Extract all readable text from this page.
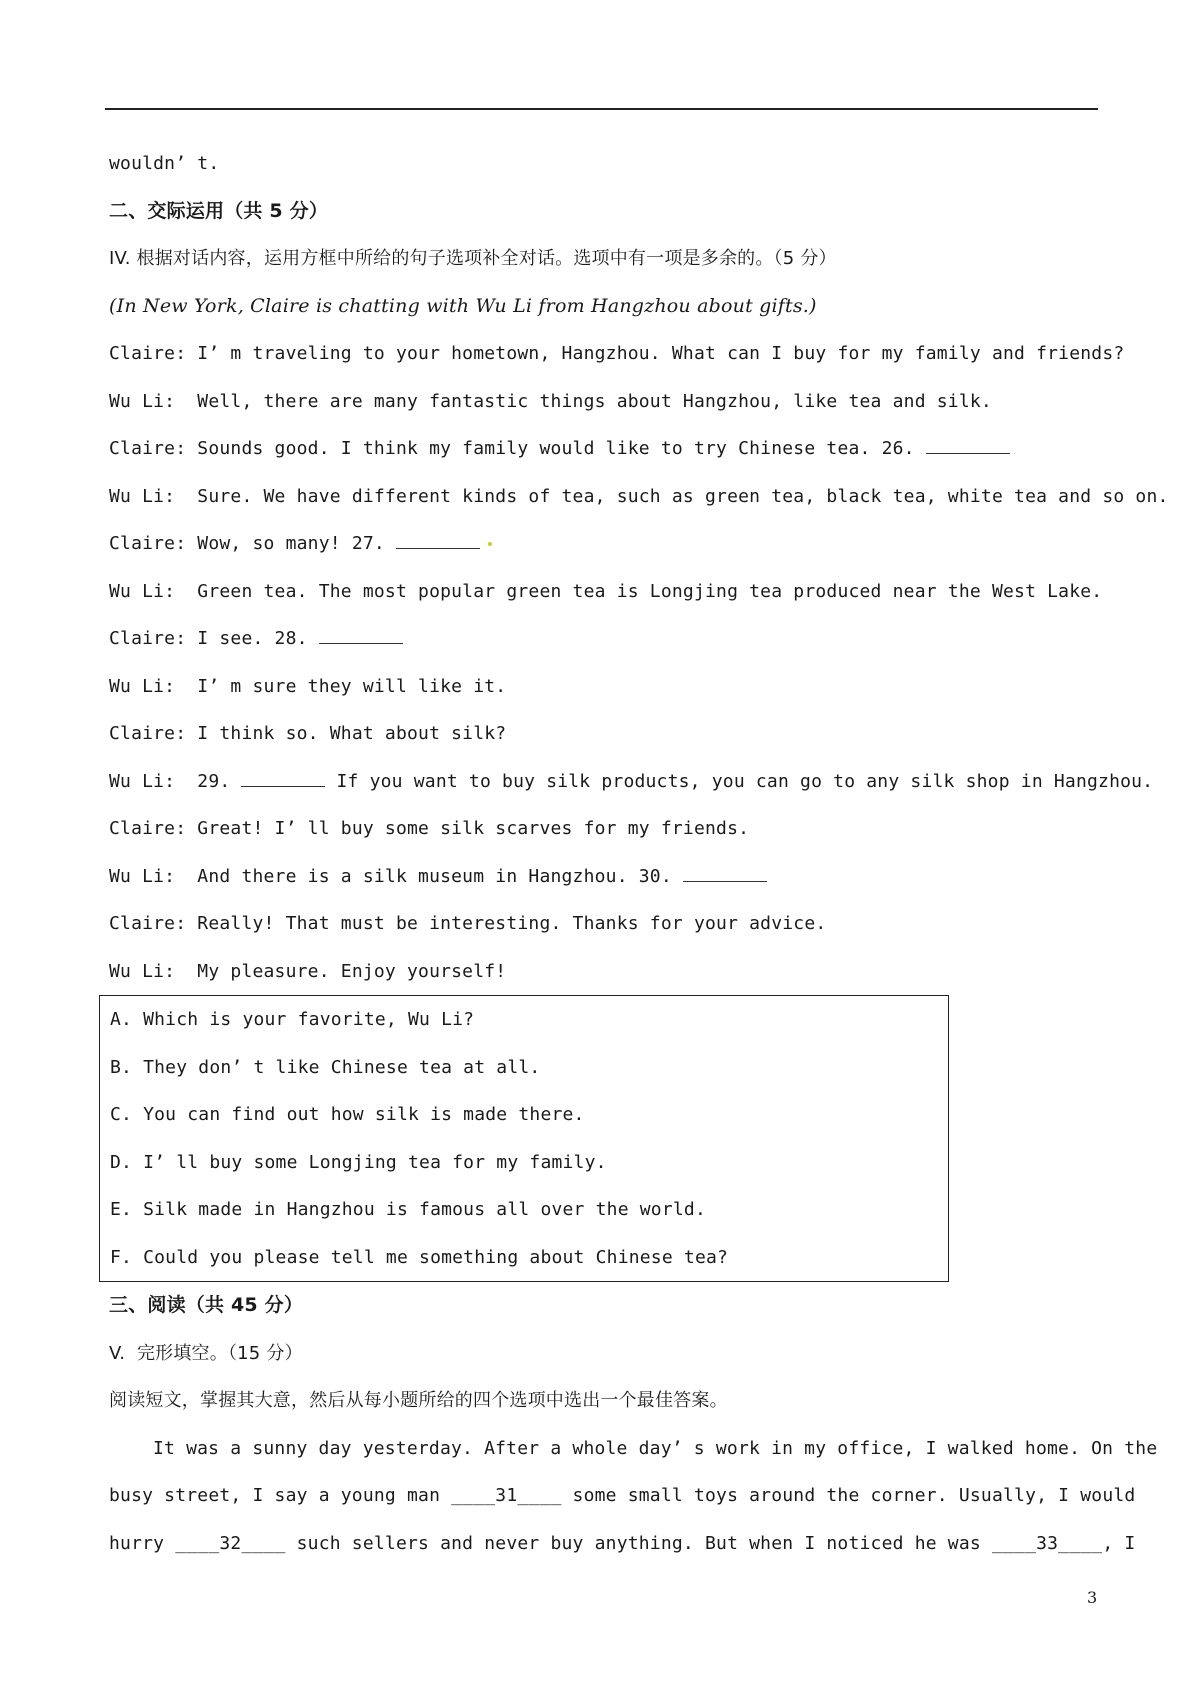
wouldn’ t.
二、交际运用（共 5 分）
IV. 根据对话内容，运用方框中所给的句子选项补全对话。选项中有一项是多余的。（5 分）
(In New York, Claire is chatting with Wu Li from Hangzhou about gifts.)
Claire: I’ m traveling to your hometown, Hangzhou. What can I buy for my family and friends?
Wu Li:  Well, there are many fantastic things about Hangzhou, like tea and silk.
Claire: Sounds good. I think my family would like to try Chinese tea. 26.
Wu Li:  Sure. We have different kinds of tea, such as green tea, black tea, white tea and so on.
Claire: Wow, so many! 27.
Wu Li:  Green tea. The most popular green tea is Longjing tea produced near the West Lake.
Claire: I see. 28.
Wu Li:  I’ m sure they will like it.
Claire: I think so. What about silk?
Wu Li:  29.	If you want to buy silk products, you can go to any silk shop in Hangzhou.
Claire: Great! I’ ll buy some silk scarves for my friends.
Wu Li:  And there is a silk museum in Hangzhou. 30.
Claire: Really! That must be interesting. Thanks for your advice.
Wu Li:  My pleasure. Enjoy yourself!
A. Which is your favorite, Wu Li?
B. They don’ t like Chinese tea at all.
C. You can find out how silk is made there.
D. I’ ll buy some Longjing tea for my family.
E. Silk made in Hangzhou is famous all over the world.
F. Could you please tell me something about Chinese tea?
三、阅读（共 45 分）
V.  完形填空。（15 分）
阅读短文，掌握其大意，然后从每小题所给的四个选项中选出一个最佳答案。
It was a sunny day yesterday. After a whole day’ s work in my office, I walked home. On the
busy street, I say a young man ____31____ some small toys around the corner. Usually, I would
hurry ____32____ such sellers and never buy anything. But when I noticed he was ____33____, I
3
